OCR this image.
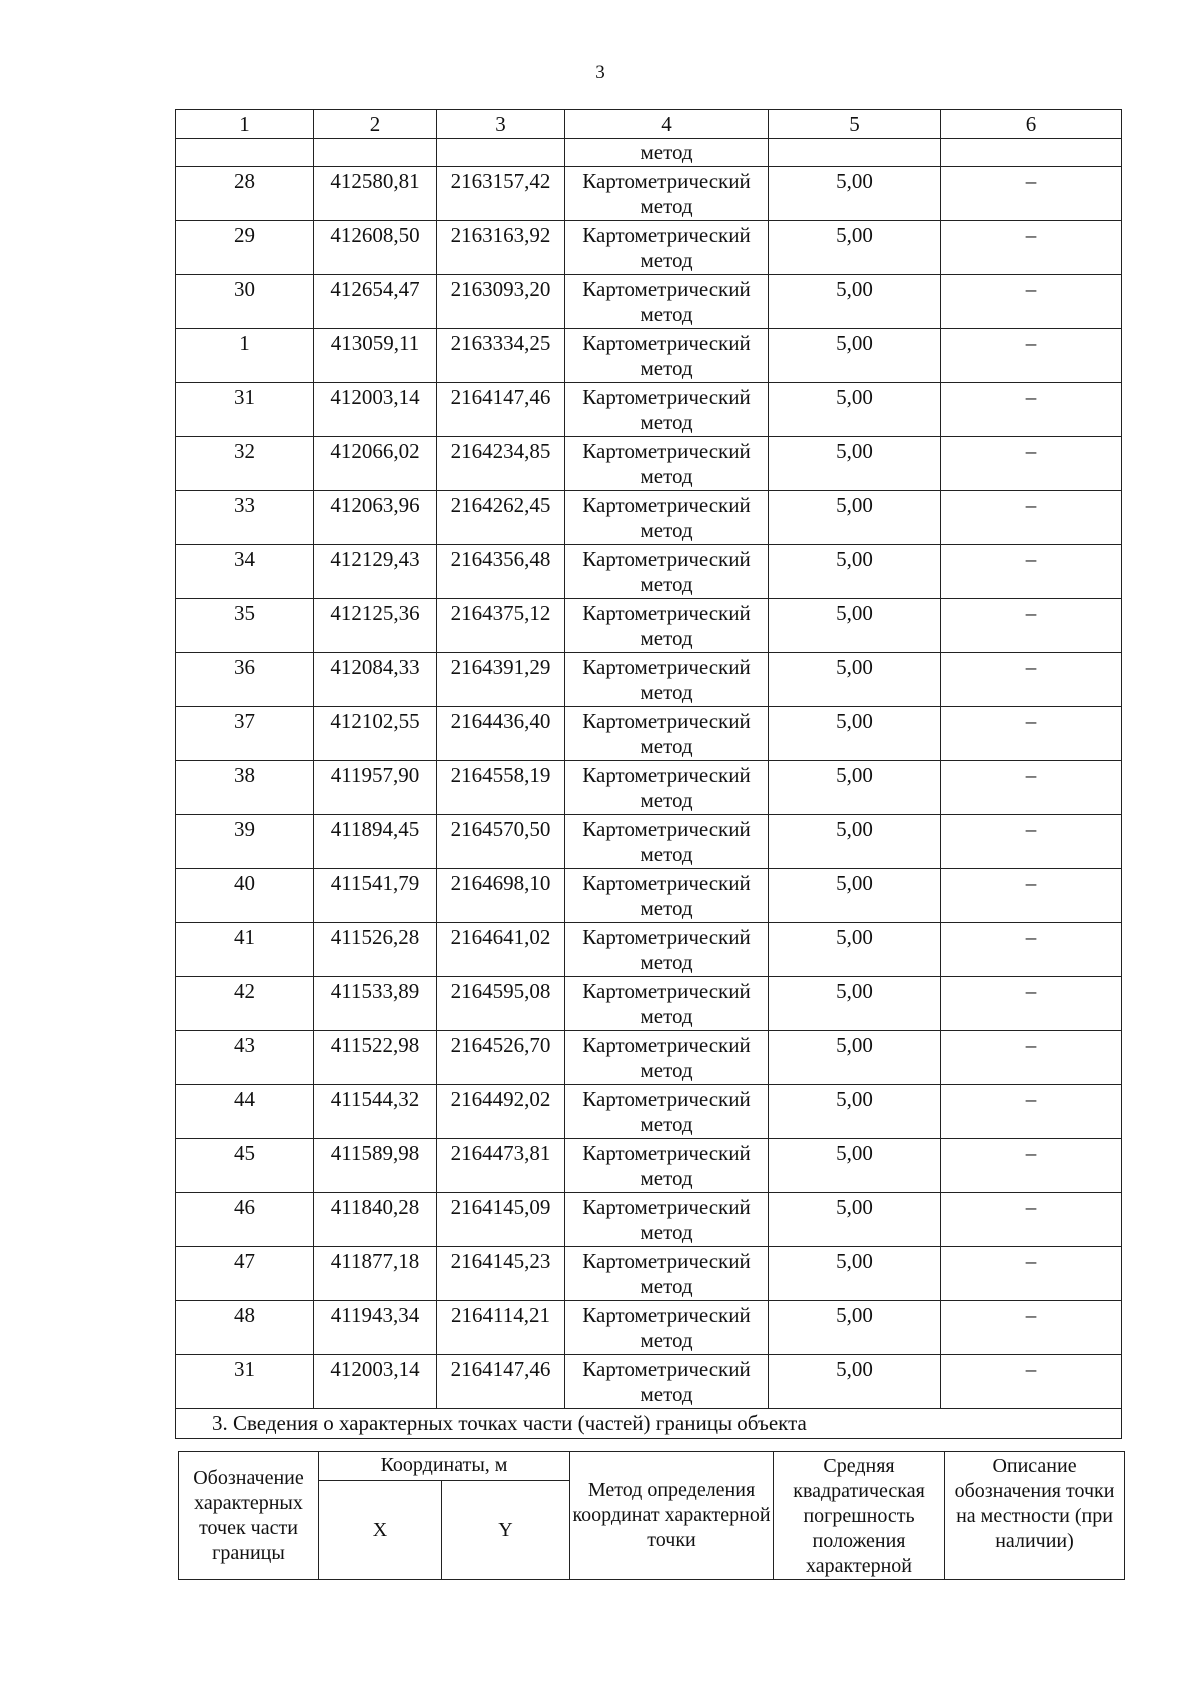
3
1	2	3	4	5	6
			метод		
28	412580,81	2163157,42	Картометрический метод	5,00	–
29	412608,50	2163163,92	Картометрический метод	5,00	–
30	412654,47	2163093,20	Картометрический метод	5,00	–
1	413059,11	2163334,25	Картометрический метод	5,00	–
31	412003,14	2164147,46	Картометрический метод	5,00	–
32	412066,02	2164234,85	Картометрический метод	5,00	–
33	412063,96	2164262,45	Картометрический метод	5,00	–
34	412129,43	2164356,48	Картометрический метод	5,00	–
35	412125,36	2164375,12	Картометрический метод	5,00	–
36	412084,33	2164391,29	Картометрический метод	5,00	–
37	412102,55	2164436,40	Картометрический метод	5,00	–
38	411957,90	2164558,19	Картометрический метод	5,00	–
39	411894,45	2164570,50	Картометрический метод	5,00	–
40	411541,79	2164698,10	Картометрический метод	5,00	–
41	411526,28	2164641,02	Картометрический метод	5,00	–
42	411533,89	2164595,08	Картометрический метод	5,00	–
43	411522,98	2164526,70	Картометрический метод	5,00	–
44	411544,32	2164492,02	Картометрический метод	5,00	–
45	411589,98	2164473,81	Картометрический метод	5,00	–
46	411840,28	2164145,09	Картометрический метод	5,00	–
47	411877,18	2164145,23	Картометрический метод	5,00	–
48	411943,34	2164114,21	Картометрический метод	5,00	–
31	412003,14	2164147,46	Картометрический метод	5,00	–
3. Сведения о характерных точках части (частей) границы объекта					
Обозначение характерных точек части границы	Координаты, м		Метод определения координат характерной точки	Средняя квадратическая погрешность положения характерной	Описание обозначения точки на местности (при наличии)
	X	Y			
